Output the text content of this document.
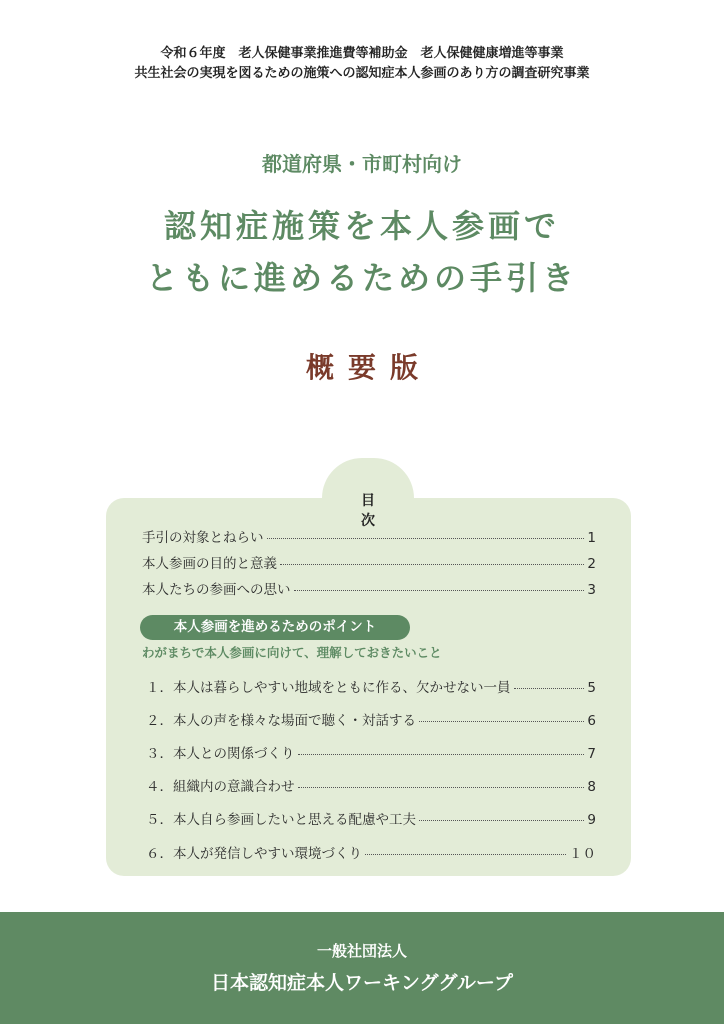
令和６年度　老人保健事業推進費等補助金　老人保健健康増進等事業
共生社会の実現を図るための施策への認知症本人参画のあり方の調査研究事業
都道府県・市町村向け
認知症施策を本人参画で
ともに進めるための手引き
概要版
目次
手引の対象とねらい	1
本人参画の目的と意義	2
本人たちの参画への思い	3
本人参画を進めるためのポイント
わがまちで本人参画に向けて、理解しておきたいこと
１．本人は暮らしやすい地域をともに作る、欠かせない一員	5
２．本人の声を様々な場面で聴く・対話する	6
３．本人との関係づくり	7
４．組織内の意識合わせ	8
５．本人自ら参画したいと思える配慮や工夫	9
６．本人が発信しやすい環境づくり	１０
一般社団法人
日本認知症本人ワーキンググループ
